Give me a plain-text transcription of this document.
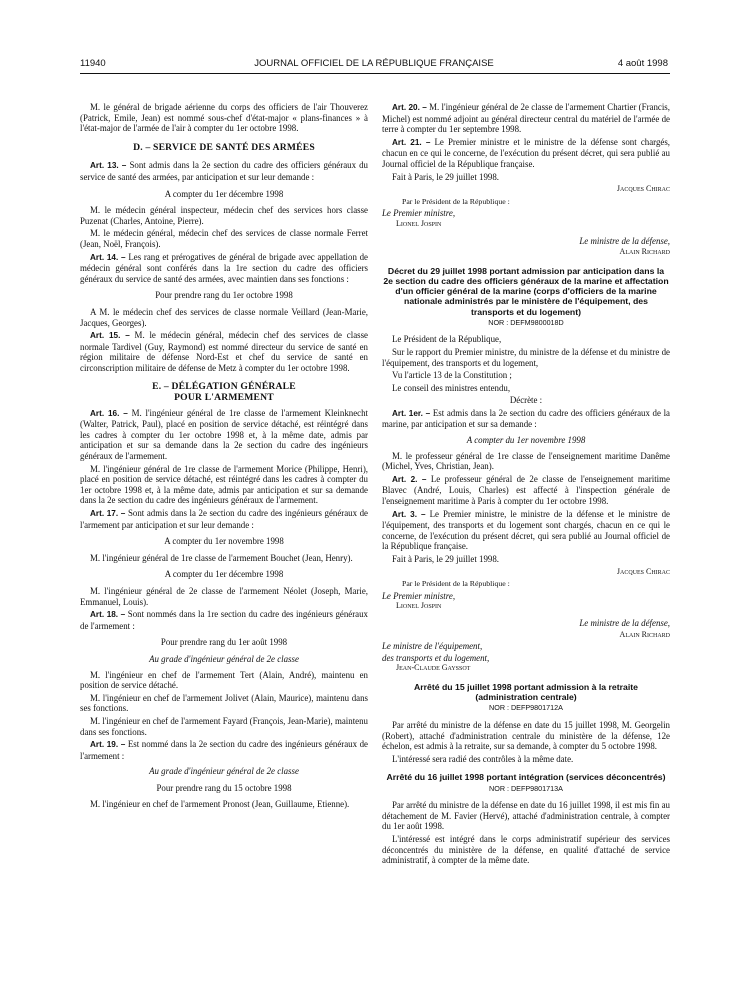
11940	JOURNAL OFFICIEL DE LA RÉPUBLIQUE FRANÇAISE	4 août 1998

M. le général de brigade aérienne du corps des officiers de l'air Thouverez (Patrick, Emile, Jean) est nommé sous-chef d'état-major « plans-finances » à l'état-major de l'armée de l'air à compter du 1er octobre 1998.

D. – SERVICE DE SANTÉ DES ARMÉES

Art. 13. – Sont admis dans la 2e section du cadre des officiers généraux du service de santé des armées, par anticipation et sur leur demande :

A compter du 1er décembre 1998

M. le médecin général inspecteur, médecin chef des services hors classe Puzenat (Charles, Antoine, Pierre).

M. le médecin général, médecin chef des services de classe normale Ferret (Jean, Noël, François).

Art. 14. – Les rang et prérogatives de général de brigade avec appellation de médecin général sont conférés dans la 1re section du cadre des officiers généraux du service de santé des armées, avec maintien dans ses fonctions :

Pour prendre rang du 1er octobre 1998

A M. le médecin chef des services de classe normale Veillard (Jean-Marie, Jacques, Georges).

Art. 15. – M. le médecin général, médecin chef des services de classe normale Tardivel (Guy, Raymond) est nommé directeur du service de santé en région militaire de défense Nord-Est et chef du service de santé en circonscription militaire de défense de Metz à compter du 1er octobre 1998.

E. – DÉLÉGATION GÉNÉRALE
POUR L'ARMEMENT

Art. 16. – M. l'ingénieur général de 1re classe de l'armement Kleinknecht (Walter, Patrick, Paul), placé en position de service détaché, est réintégré dans les cadres à compter du 1er octobre 1998 et, à la même date, admis par anticipation et sur sa demande dans la 2e section du cadre des ingénieurs généraux de l'armement.

M. l'ingénieur général de 1re classe de l'armement Morice (Philippe, Henri), placé en position de service détaché, est réintégré dans les cadres à compter du 1er octobre 1998 et, à la même date, admis par anticipation et sur sa demande dans la 2e section du cadre des ingénieurs généraux de l'armement.

Art. 17. – Sont admis dans la 2e section du cadre des ingénieurs généraux de l'armement par anticipation et sur leur demande :

A compter du 1er novembre 1998

M. l'ingénieur général de 1re classe de l'armement Bouchet (Jean, Henry).

A compter du 1er décembre 1998

M. l'ingénieur général de 2e classe de l'armement Néolet (Joseph, Marie, Emmanuel, Louis).

Art. 18. – Sont nommés dans la 1re section du cadre des ingénieurs généraux de l'armement :

Pour prendre rang du 1er août 1998

Au grade d'ingénieur général de 2e classe

M. l'ingénieur en chef de l'armement Tert (Alain, André), maintenu en position de service détaché.

M. l'ingénieur en chef de l'armement Jolivet (Alain, Maurice), maintenu dans ses fonctions.

M. l'ingénieur en chef de l'armement Fayard (François, Jean-Marie), maintenu dans ses fonctions.

Art. 19. – Est nommé dans la 2e section du cadre des ingénieurs généraux de l'armement :

Au grade d'ingénieur général de 2e classe

Pour prendre rang du 15 octobre 1998

M. l'ingénieur en chef de l'armement Pronost (Jean, Guillaume, Etienne).

Art. 20. – M. l'ingénieur général de 2e classe de l'armement Chartier (Francis, Michel) est nommé adjoint au général directeur central du matériel de l'armée de terre à compter du 1er septembre 1998.

Art. 21. – Le Premier ministre et le ministre de la défense sont chargés, chacun en ce qui le concerne, de l'exécution du présent décret, qui sera publié au Journal officiel de la République française.

Fait à Paris, le 29 juillet 1998.

Jacques Chirac

Par le Président de la République :

Le Premier ministre,

Lionel Jospin

Le ministre de la défense,

Alain Richard

Décret du 29 juillet 1998 portant admission par anticipation dans la 2e section du cadre des officiers généraux de la marine et affectation d'un officier général de la marine (corps d'officiers de la marine nationale administrés par le ministère de l'équipement, des transports et du logement)

NOR : DEFM9800018D

Le Président de la République,

Sur le rapport du Premier ministre, du ministre de la défense et du ministre de l'équipement, des transports et du logement,

Vu l'article 13 de la Constitution ;

Le conseil des ministres entendu,

Décrète :

Art. 1er. – Est admis dans la 2e section du cadre des officiers généraux de la marine, par anticipation et sur sa demande :

A compter du 1er novembre 1998

M. le professeur général de 1re classe de l'enseignement maritime Danême (Michel, Yves, Christian, Jean).

Art. 2. – Le professeur général de 2e classe de l'enseignement maritime Blavec (André, Louis, Charles) est affecté à l'inspection générale de l'enseignement maritime à Paris à compter du 1er octobre 1998.

Art. 3. – Le Premier ministre, le ministre de la défense et le ministre de l'équipement, des transports et du logement sont chargés, chacun en ce qui le concerne, de l'exécution du présent décret, qui sera publié au Journal officiel de la République française.

Fait à Paris, le 29 juillet 1998.

Jacques Chirac

Par le Président de la République :

Le Premier ministre,

Lionel Jospin

Le ministre de la défense,

Alain Richard

Le ministre de l'équipement,

des transports et du logement,

Jean-Claude Gayssot

Arrêté du 15 juillet 1998 portant admission à la retraite (administration centrale)

NOR : DEFP9801712A

Par arrêté du ministre de la défense en date du 15 juillet 1998, M. Georgelin (Robert), attaché d'administration centrale du ministère de la défense, 12e échelon, est admis à la retraite, sur sa demande, à compter du 5 octobre 1998.

L'intéressé sera radié des contrôles à la même date.

Arrêté du 16 juillet 1998 portant intégration (services déconcentrés)

NOR : DEFP9801713A

Par arrêté du ministre de la défense en date du 16 juillet 1998, il est mis fin au détachement de M. Favier (Hervé), attaché d'administration centrale, à compter du 1er août 1998.

L'intéressé est intégré dans le corps administratif supérieur des services déconcentrés du ministère de la défense, en qualité d'attaché de service administratif, à compter de la même date.
